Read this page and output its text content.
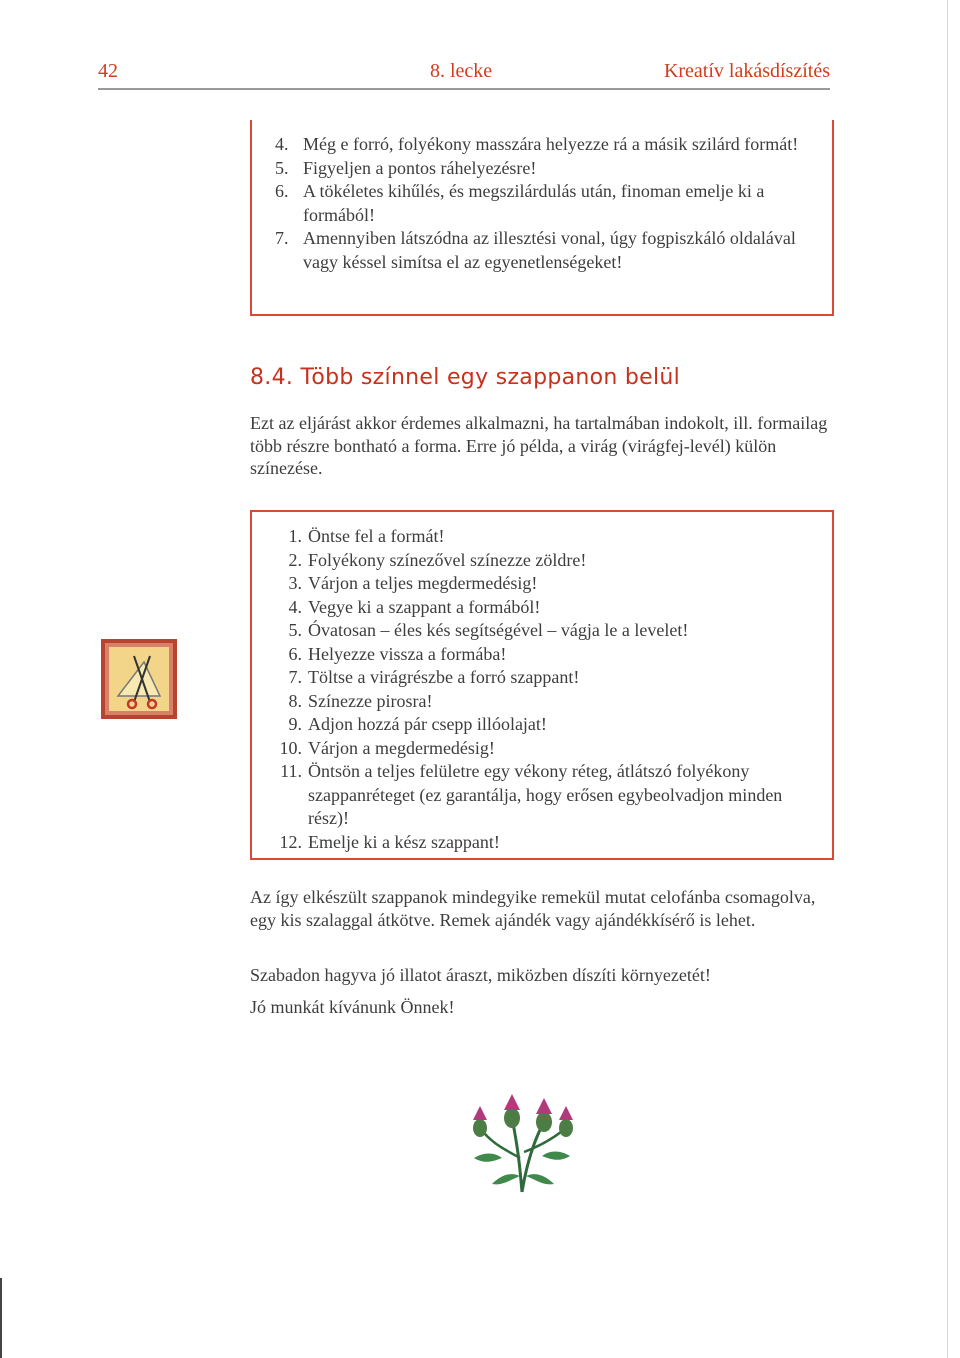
42	8. lecke	Kreatív lakásdíszítés
4. Még e forró, folyékony masszára helyezze rá a másik szilárd formát!
5. Figyeljen a pontos ráhelyezésre!
6. A tökéletes kihűlés, és megszilárdulás után, finoman emelje ki a formából!
7. Amennyiben látszódna az illesztési vonal, úgy fogpiszkáló oldalával vagy késsel simítsa el az egyenetlenségeket!
8.4. Több színnel egy szappanon belül

Ezt az eljárást akkor érdemes alkalmazni, ha tartalmában indokolt, ill. formailag több részre bontható a forma. Erre jó példa, a virág (virágfej-levél) külön színezése.

1. Öntse fel a formát!
2. Folyékony színezővel színezze zöldre!
3. Várjon a teljes megdermedésig!
4. Vegye ki a szappant a formából!
5. Óvatosan – éles kés segítségével – vágja le a levelet!
6. Helyezze vissza a formába!
7. Töltse a virágrészbe a forró szappant!
8. Színezze pirosra!
9. Adjon hozzá pár csepp illóolajat!
10. Várjon a megdermedésig!
11. Öntsön a teljes felületre egy vékony réteg, átlátszó folyékony szappanréteget (ez garantálja, hogy erősen egybeolvadjon minden rész)!
12. Emelje ki a kész szappant!

Az így elkészült szappanok mindegyike remekül mutat celofánba csomagolva, egy kis szalaggal átkötve. Remek ajándék vagy ajándékkísérő is lehet.

Szabadon hagyva jó illatot áraszt, miközben díszíti környezetét!

Jó munkát kívánunk Önnek!
